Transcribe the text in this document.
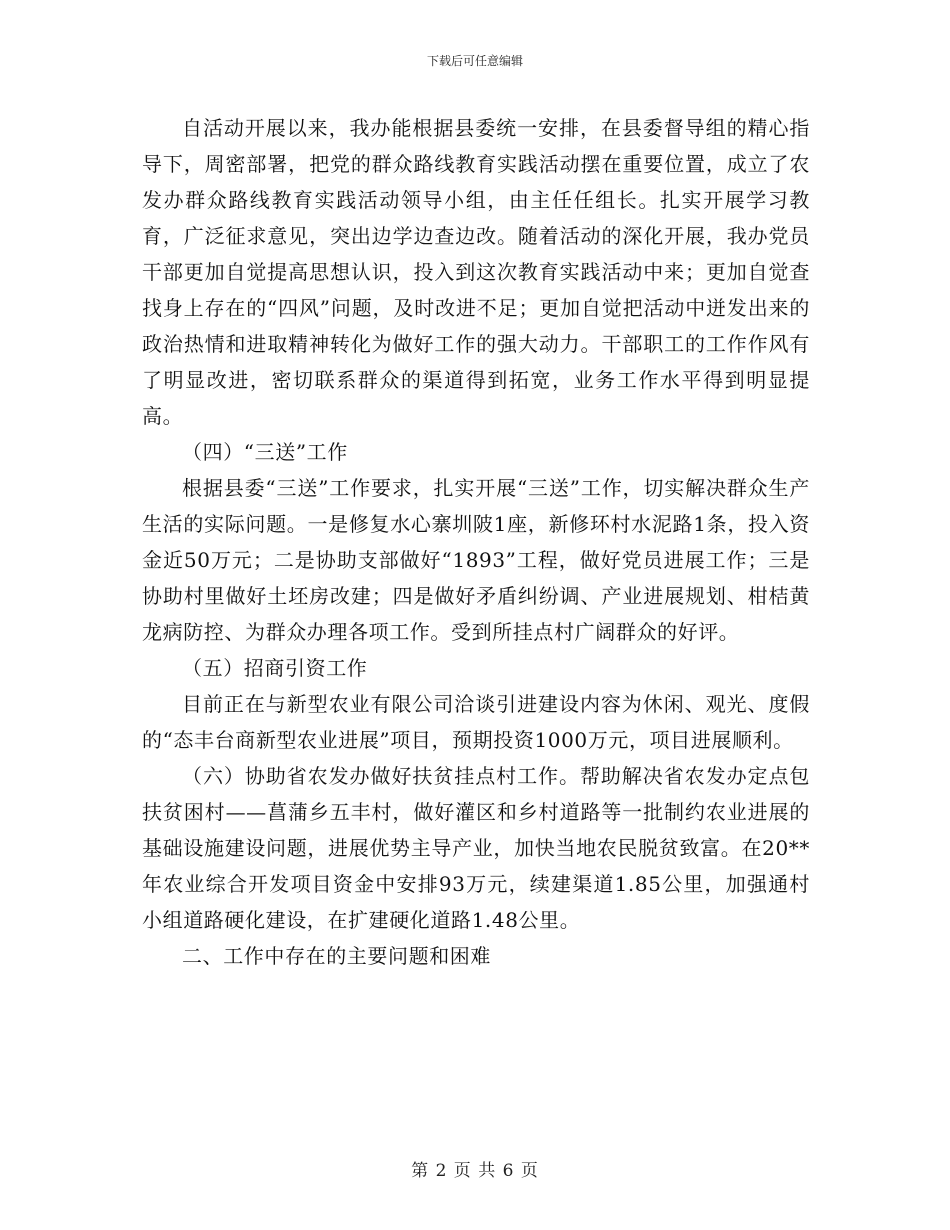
下载后可任意编辑

自活动开展以来，我办能根据县委统一安排，在县委督导组的精心指导下，周密部署，把党的群众路线教育实践活动摆在重要位置，成立了农发办群众路线教育实践活动领导小组，由主任任组长。扎实开展学习教育，广泛征求意见，突出边学边查边改。随着活动的深化开展，我办党员干部更加自觉提高思想认识，投入到这次教育实践活动中来；更加自觉查找身上存在的“四风”问题，及时改进不足；更加自觉把活动中迸发出来的政治热情和进取精神转化为做好工作的强大动力。干部职工的工作作风有了明显改进，密切联系群众的渠道得到拓宽，业务工作水平得到明显提高。

（四）“三送”工作

根据县委“三送”工作要求，扎实开展“三送”工作，切实解决群众生产生活的实际问题。一是修复水心寨圳陂1座，新修环村水泥路1条，投入资金近50万元；二是协助支部做好“1893”工程，做好党员进展工作；三是协助村里做好土坯房改建；四是做好矛盾纠纷调、产业进展规划、柑桔黄龙病防控、为群众办理各项工作。受到所挂点村广阔群众的好评。

（五）招商引资工作

目前正在与新型农业有限公司洽谈引进建设内容为休闲、观光、度假的“态丰台商新型农业进展”项目，预期投资1000万元，项目进展顺利。

（六）协助省农发办做好扶贫挂点村工作。帮助解决省农发办定点包扶贫困村——菖蒲乡五丰村，做好灌区和乡村道路等一批制约农业进展的基础设施建设问题，进展优势主导产业，加快当地农民脱贫致富。在20**年农业综合开发项目资金中安排93万元，续建渠道1.85公里，加强通村小组道路硬化建设，在扩建硬化道路1.48公里。

二、工作中存在的主要问题和困难

第 2 页 共 6 页
